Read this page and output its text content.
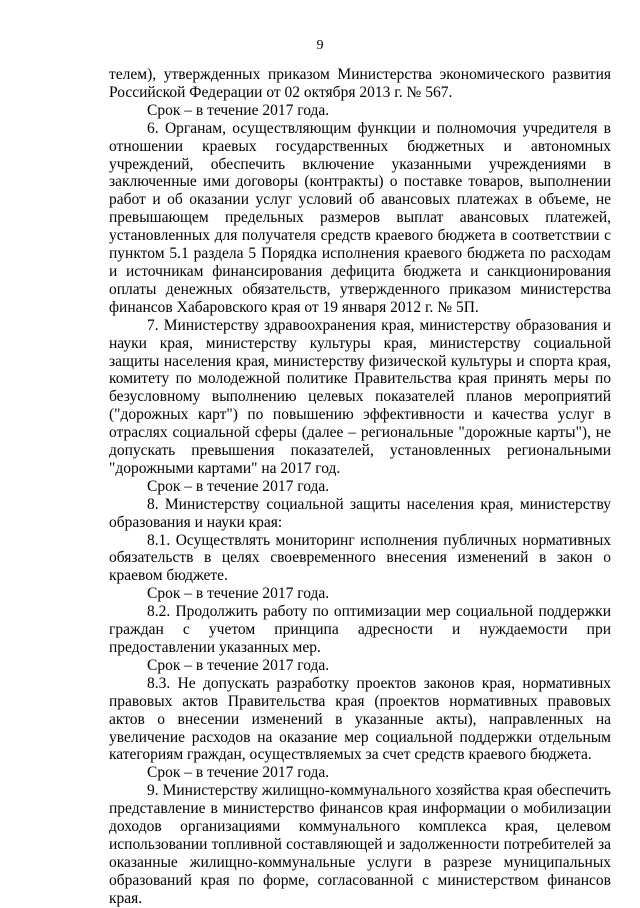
9

телем), утвержденных приказом Министерства экономического развития Российской Федерации от 02 октября 2013 г. № 567.

Срок – в течение 2017 года.

6. Органам, осуществляющим функции и полномочия учредителя в отношении краевых государственных бюджетных и автономных учреждений, обеспечить включение указанными учреждениями в заключенные ими договоры (контракты) о поставке товаров, выполнении работ и об оказании услуг условий об авансовых платежах в объеме, не превышающем предельных размеров выплат авансовых платежей, установленных для получателя средств краевого бюджета в соответствии с пунктом 5.1 раздела 5 Порядка исполнения краевого бюджета по расходам и источникам финансирования дефицита бюджета и санкционирования оплаты денежных обязательств, утвержденного приказом министерства финансов Хабаровского края от 19 января 2012 г. № 5П.

7. Министерству здравоохранения края, министерству образования и науки края, министерству культуры края, министерству социальной защиты населения края, министерству физической культуры и спорта края, комитету по молодежной политике Правительства края принять меры по безусловному выполнению целевых показателей планов мероприятий ("дорожных карт") по повышению эффективности и качества услуг в отраслях социальной сферы (далее – региональные "дорожные карты"), не допускать превышения показателей, установленных региональными "дорожными картами" на 2017 год.

Срок – в течение 2017 года.

8. Министерству социальной защиты населения края, министерству образования и науки края:

8.1. Осуществлять мониторинг исполнения публичных нормативных обязательств в целях своевременного внесения изменений в закон о краевом бюджете.

Срок – в течение 2017 года.

8.2. Продолжить работу по оптимизации мер социальной поддержки граждан с учетом принципа адресности и нуждаемости при предоставлении указанных мер.

Срок – в течение 2017 года.

8.3. Не допускать разработку проектов законов края, нормативных правовых актов Правительства края (проектов нормативных правовых актов о внесении изменений в указанные акты), направленных на увеличение расходов на оказание мер социальной поддержки отдельным категориям граждан, осуществляемых за счет средств краевого бюджета.

Срок – в течение 2017 года.

9. Министерству жилищно-коммунального хозяйства края обеспечить представление в министерство финансов края информации о мобилизации доходов организациями коммунального комплекса края, целевом использовании топливной составляющей и задолженности потребителей за оказанные жилищно-коммунальные услуги в разрезе муниципальных образований края по форме, согласованной с министерством финансов края.
